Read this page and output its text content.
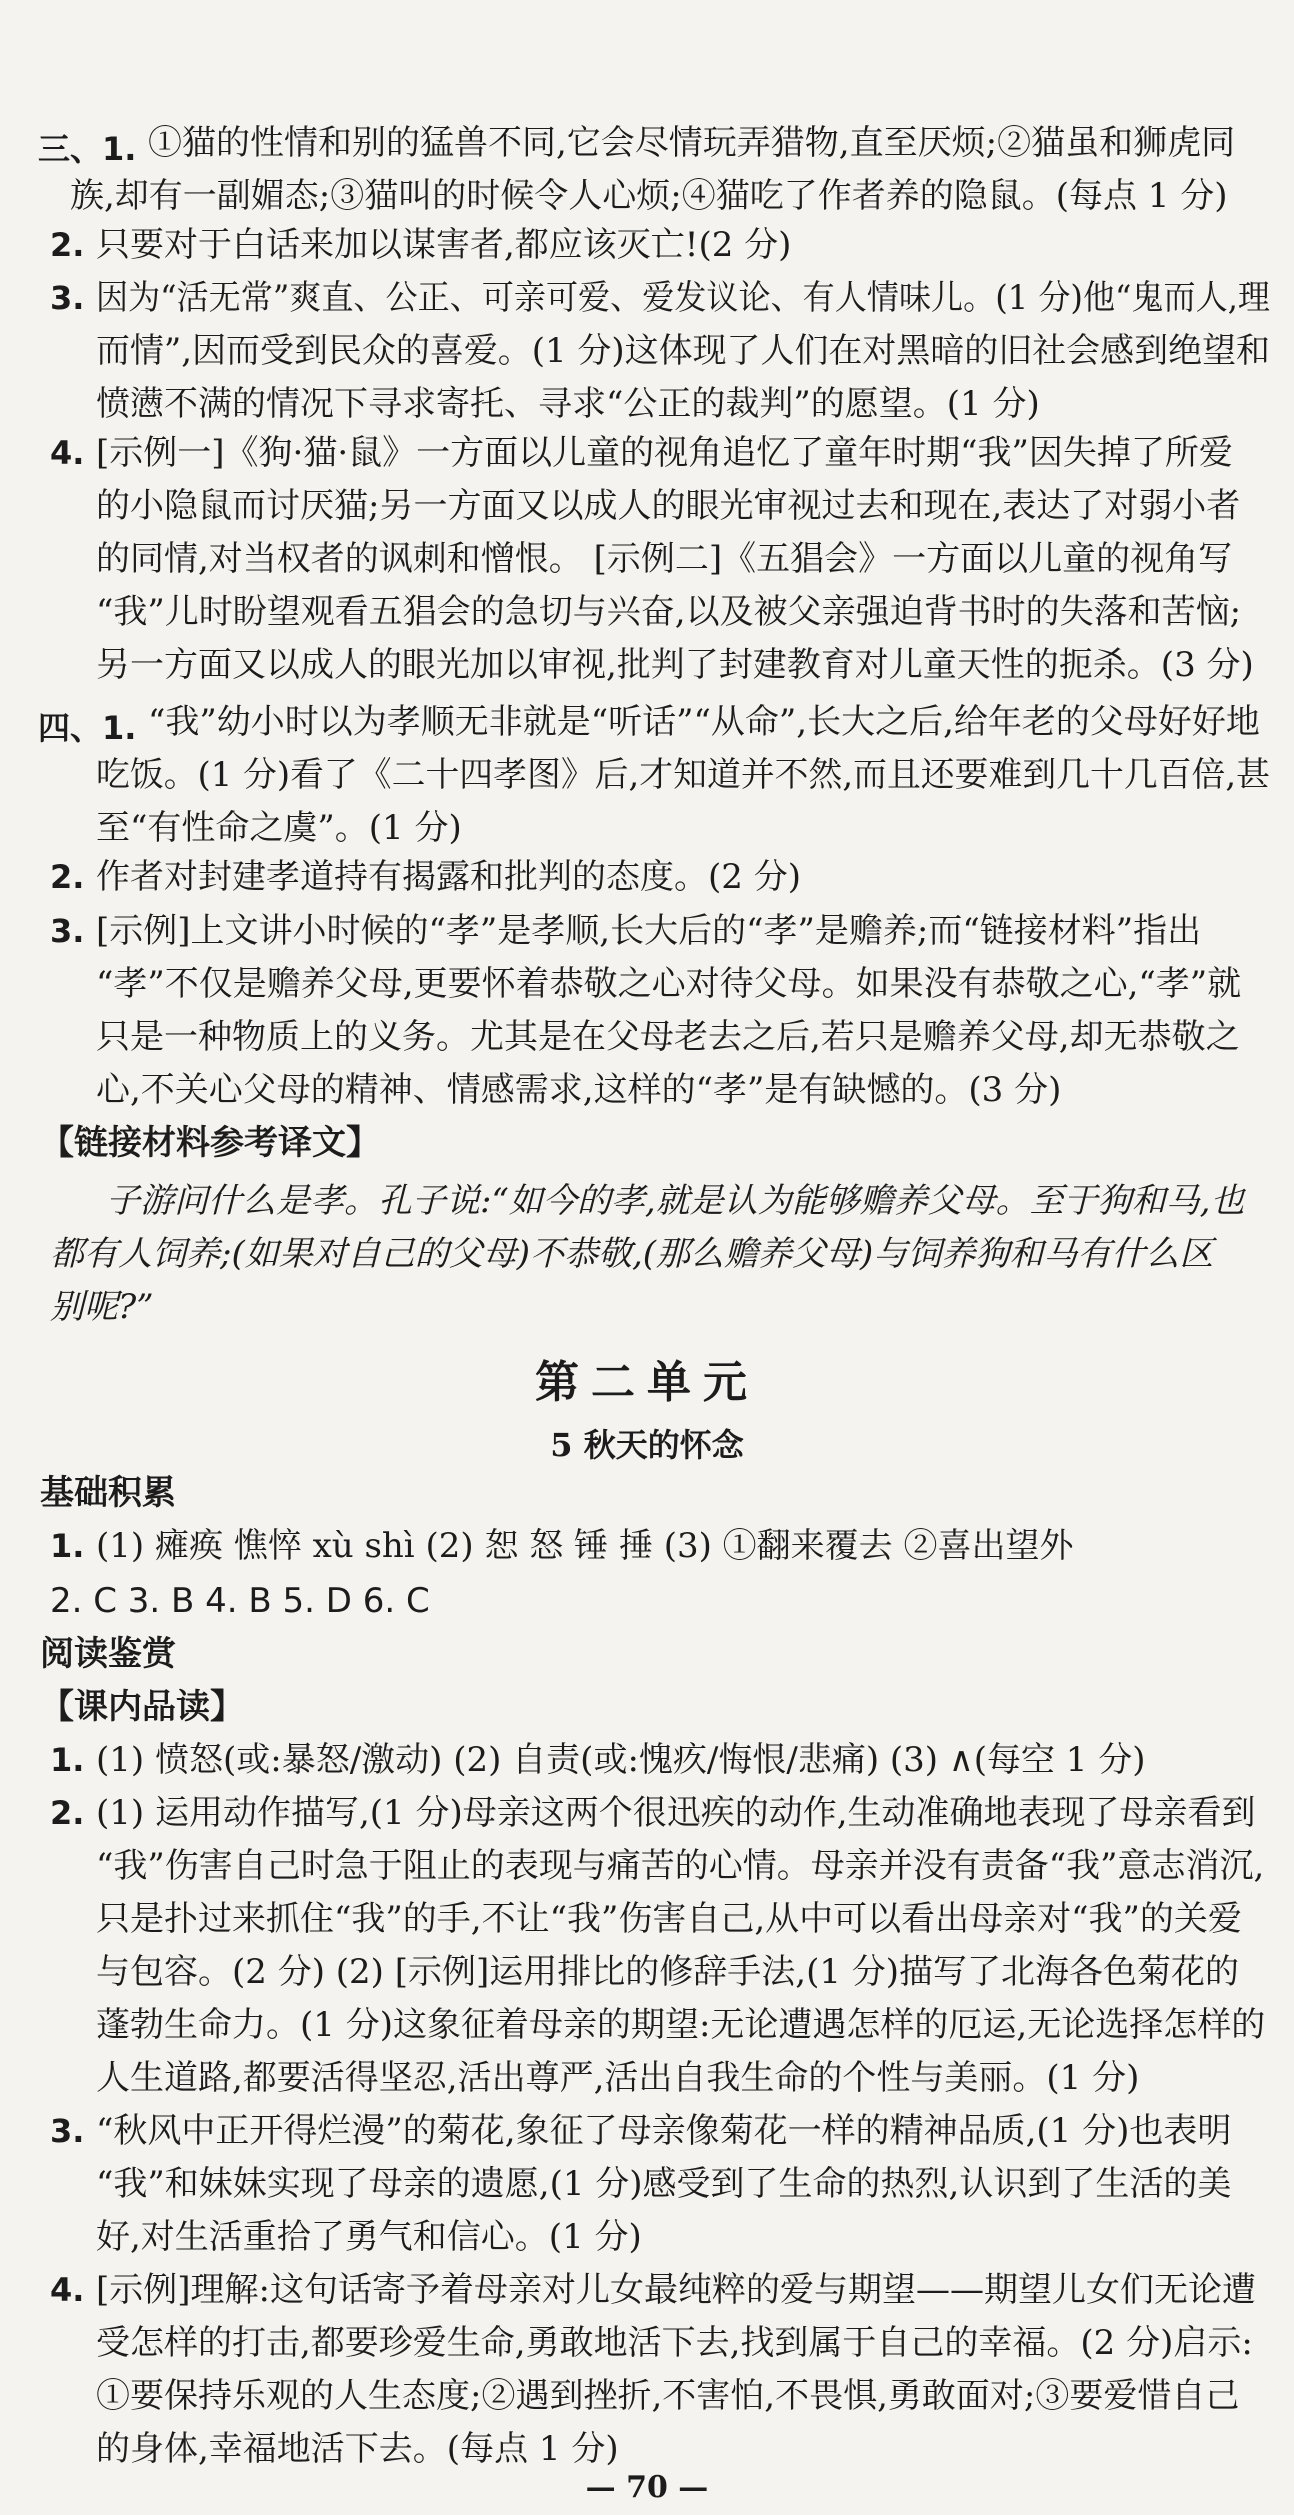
三、1. ①猫的性情和别的猛兽不同,它会尽情玩弄猎物,直至厌烦;②猫虽和狮虎同
族,却有一副媚态;③猫叫的时候令人心烦;④猫吃了作者养的隐鼠。(每点 1 分)
2. 只要对于白话来加以谋害者,都应该灭亡!(2 分)
3. 因为“活无常”爽直、公正、可亲可爱、爱发议论、有人情味儿。(1 分)他“鬼而人,理
而情”,因而受到民众的喜爱。(1 分)这体现了人们在对黑暗的旧社会感到绝望和
愤懑不满的情况下寻求寄托、寻求“公正的裁判”的愿望。(1 分)
4. [示例一]《狗·猫·鼠》一方面以儿童的视角追忆了童年时期“我”因失掉了所爱
的小隐鼠而讨厌猫;另一方面又以成人的眼光审视过去和现在,表达了对弱小者
的同情,对当权者的讽刺和憎恨。 [示例二]《五猖会》一方面以儿童的视角写
“我”儿时盼望观看五猖会的急切与兴奋,以及被父亲强迫背书时的失落和苦恼;
另一方面又以成人的眼光加以审视,批判了封建教育对儿童天性的扼杀。(3 分)
四、1. “我”幼小时以为孝顺无非就是“听话”“从命”,长大之后,给年老的父母好好地
吃饭。(1 分)看了《二十四孝图》后,才知道并不然,而且还要难到几十几百倍,甚
至“有性命之虞”。(1 分)
2. 作者对封建孝道持有揭露和批判的态度。(2 分)
3. [示例]上文讲小时候的“孝”是孝顺,长大后的“孝”是赡养;而“链接材料”指出
“孝”不仅是赡养父母,更要怀着恭敬之心对待父母。如果没有恭敬之心,“孝”就
只是一种物质上的义务。尤其是在父母老去之后,若只是赡养父母,却无恭敬之
心,不关心父母的精神、情感需求,这样的“孝”是有缺憾的。(3 分)
【链接材料参考译文】
子游问什么是孝。孔子说:“如今的孝,就是认为能够赡养父母。至于狗和马,也
都有人饲养;(如果对自己的父母)不恭敬,(那么赡养父母)与饲养狗和马有什么区
别呢?”
第二单元
5 秋天的怀念
基础积累
1. (1) 瘫痪 憔悴 xù shì (2) 恕 怒 锤 捶 (3) ①翻来覆去 ②喜出望外
2. C 3. B 4. B 5. D 6. C
阅读鉴赏
【课内品读】
1. (1) 愤怒(或:暴怒/激动) (2) 自责(或:愧疚/悔恨/悲痛) (3) ∧(每空 1 分)
2. (1) 运用动作描写,(1 分)母亲这两个很迅疾的动作,生动准确地表现了母亲看到
“我”伤害自己时急于阻止的表现与痛苦的心情。母亲并没有责备“我”意志消沉,
只是扑过来抓住“我”的手,不让“我”伤害自己,从中可以看出母亲对“我”的关爱
与包容。(2 分) (2) [示例]运用排比的修辞手法,(1 分)描写了北海各色菊花的
蓬勃生命力。(1 分)这象征着母亲的期望:无论遭遇怎样的厄运,无论选择怎样的
人生道路,都要活得坚忍,活出尊严,活出自我生命的个性与美丽。(1 分)
3. “秋风中正开得烂漫”的菊花,象征了母亲像菊花一样的精神品质,(1 分)也表明
“我”和妹妹实现了母亲的遗愿,(1 分)感受到了生命的热烈,认识到了生活的美
好,对生活重拾了勇气和信心。(1 分)
4. [示例]理解:这句话寄予着母亲对儿女最纯粹的爱与期望——期望儿女们无论遭
受怎样的打击,都要珍爱生命,勇敢地活下去,找到属于自己的幸福。(2 分)启示:
①要保持乐观的人生态度;②遇到挫折,不害怕,不畏惧,勇敢面对;③要爱惜自己
的身体,幸福地活下去。(每点 1 分)
— 70 —
